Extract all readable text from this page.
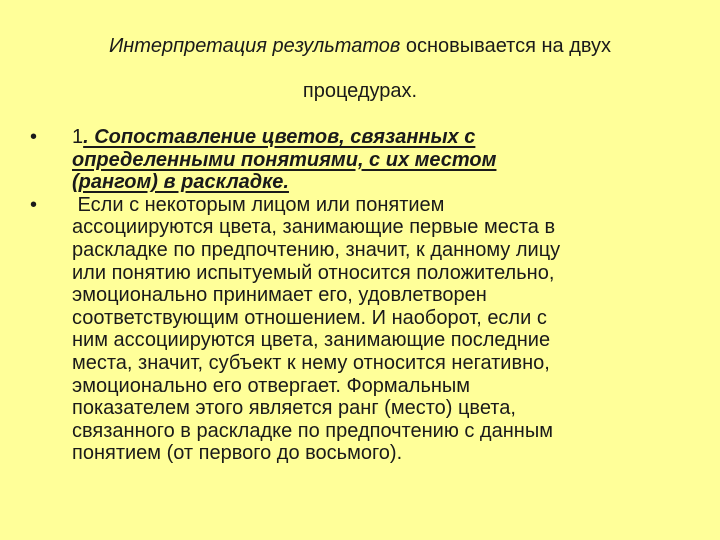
Интерпретация результатов основывается на двух
процедурах.
•	1. Сопоставление цветов, связанных с
определенными понятиями, с их местом
(рангом) в раскладке.
•	Если с некоторым лицом или понятием
ассоциируются цвета, занимающие первые места в
раскладке по предпочтению, значит, к данному лицу
или понятию испытуемый относится положительно,
эмоционально принимает его, удовлетворен
соответствующим отношением. И наоборот, если с
ним ассоциируются цвета, занимающие последние
места, значит, субъект к нему относится негативно,
эмоционально его отвергает. Формальным
показателем этого является ранг (место) цвета,
связанного в раскладке по предпочтению с данным
понятием (от первого до восьмого).
